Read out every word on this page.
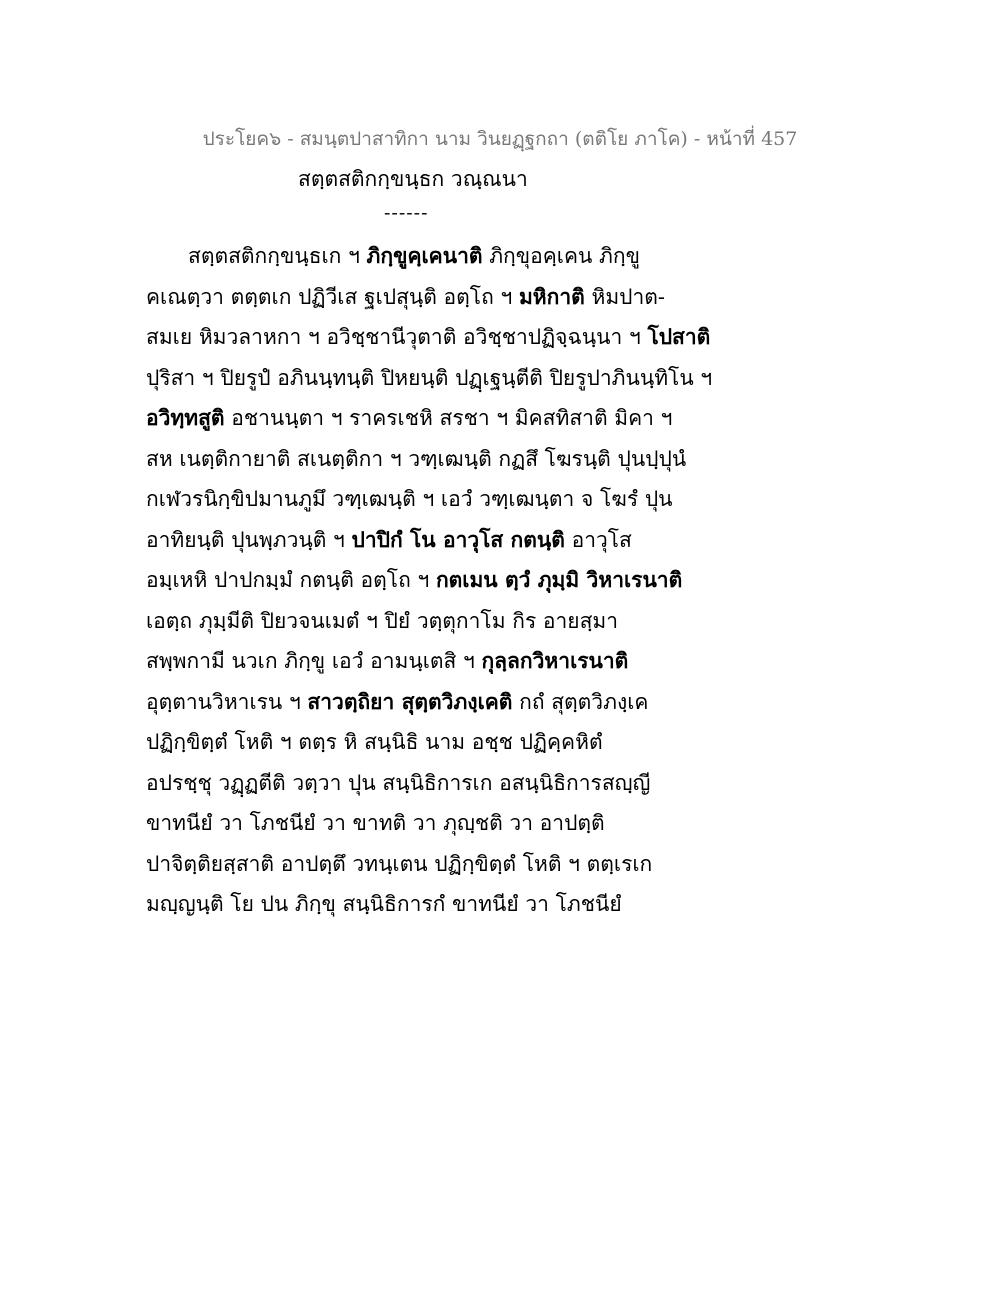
ประโยค๖ - สมนฺตปาสาทิกา นาม วินยฏฺฐกถา (ตติโย ภาโค) - หน้าที่ 457
สตฺตสติกกฺขนฺธก วณฺณนา
------
สตฺตสติกกฺขนฺธเก ฯ ภิกฺขูคฺเคนาติ ภิกฺขุอคฺเคน ภิกฺขู
คเณตฺวา ตตฺตเก ปฏิวีเส ฐเปสุนฺติ อตฺโถ ฯ มหิกาติ หิมปาต-
สมเย หิมวลาหกา ฯ อวิชฺชานีวุตาติ อวิชฺชาปฏิจฺฉนฺนา ฯ โปสาติ
ปุริสา ฯ ปิยรูปํ อภินนฺทนฺติ ปิหยนฺติ ปฏฺเฐนฺตีติ ปิยรูปาภินนฺทิโน ฯ
อวิทฺทสูติ อชานนฺตา ฯ ราครเชหิ สรชา ฯ มิคสทิสาติ มิคา ฯ
สห เนตฺติกายาติ สเนตฺติกา ฯ วฑฺเฒนฺติ กฏสึ โฆรนฺติ ปุนปฺปุนํ
กเฬวรนิกฺขิปมานภูมึ วฑฺเฒนฺติ ฯ เอวํ วฑฺเฒนฺตา จ โฆรํ ปุน
อาทิยนฺติ ปุนพฺภวนฺติ ฯ ปาปิกํ โน อาวุโส กตนฺติ อาวุโส
อมฺเหหิ ปาปกมฺมํ กตนฺติ อตฺโถ ฯ กตเมน ตฺวํ ภุมฺมิ วิหาเรนาติ
เอตฺถ ภุมฺมีติ ปิยวจนเมตํ ฯ ปิยํ วตฺตุกาโม กิร อายสฺมา
สพฺพกามี นวเก ภิกฺขู เอวํ อามนฺเตสิ ฯ กุลฺลกวิหาเรนาติ
อุตฺตานวิหาเรน ฯ สาวตฺถิยา สุตฺตวิภงฺเคติ กถํ สุตฺตวิภงฺเค
ปฏิกฺขิตฺตํ โหติ ฯ ตตฺร หิ สนฺนิธิ นาม อชฺช ปฏิคฺคหิตํ
อปรชฺชุ วฏฺฏตีติ วตฺวา ปุน สนฺนิธิการเก อสนฺนิธิการสญฺญี
ขาทนียํ วา โภชนียํ วา ขาทติ วา ภุญฺชติ วา อาปตฺติ
ปาจิตฺติยสฺสาติ อาปตฺตึ วทนฺเตน ปฏิกฺขิตฺตํ โหติ ฯ ตตฺเรเก
มญฺญนฺติ โย ปน ภิกฺขุ สนฺนิธิการกํ ขาทนียํ วา โภชนียํ
